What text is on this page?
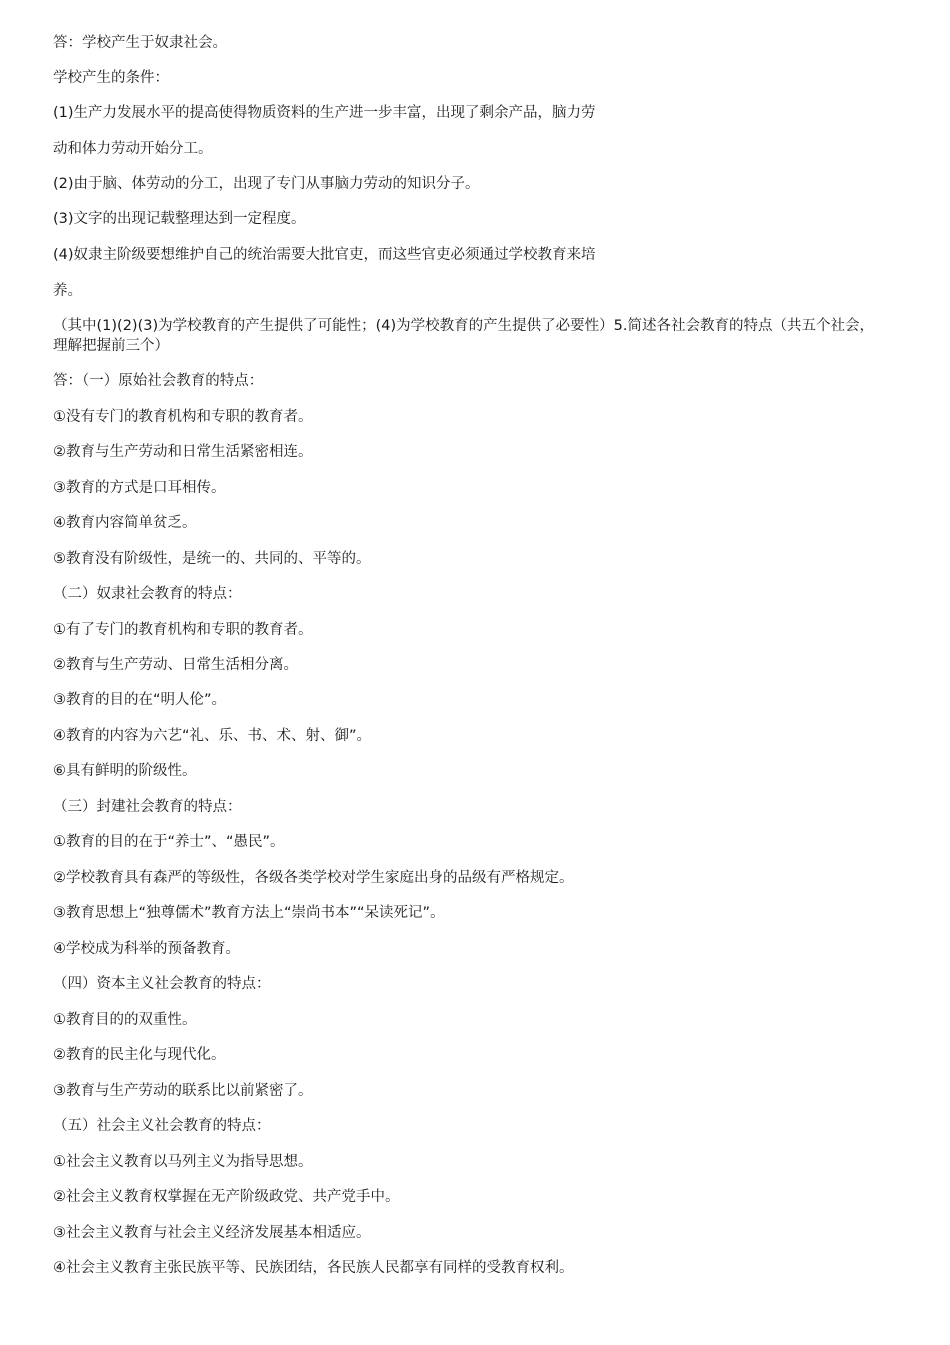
答：学校产生于奴隶社会。
学校产生的条件：
(1)生产力发展水平的提高使得物质资料的生产进一步丰富，出现了剩余产品，脑力劳
动和体力劳动开始分工。
(2)由于脑、体劳动的分工，出现了专门从事脑力劳动的知识分子。
(3)文字的出现记载整理达到一定程度。
(4)奴隶主阶级要想维护自己的统治需要大批官吏，而这些官吏必须通过学校教育来培
养。
（其中(1)(2)(3)为学校教育的产生提供了可能性；(4)为学校教育的产生提供了必要性）5.简述各社会教育的特点（共五个社会，理解把握前三个）
答：（一）原始社会教育的特点：
①没有专门的教育机构和专职的教育者。
②教育与生产劳动和日常生活紧密相连。
③教育的方式是口耳相传。
④教育内容简单贫乏。
⑤教育没有阶级性，是统一的、共同的、平等的。
（二）奴隶社会教育的特点：
①有了专门的教育机构和专职的教育者。
②教育与生产劳动、日常生活相分离。
③教育的目的在“明人伦”。
④教育的内容为六艺“礼、乐、书、术、射、御”。
⑥具有鲜明的阶级性。
（三）封建社会教育的特点：
①教育的目的在于“养士”、“愚民”。
②学校教育具有森严的等级性，各级各类学校对学生家庭出身的品级有严格规定。
③教育思想上“独尊儒术”教育方法上“崇尚书本”“呆读死记”。
④学校成为科举的预备教育。
（四）资本主义社会教育的特点：
①教育目的的双重性。
②教育的民主化与现代化。
③教育与生产劳动的联系比以前紧密了。
（五）社会主义社会教育的特点：
①社会主义教育以马列主义为指导思想。
②社会主义教育权掌握在无产阶级政党、共产党手中。
③社会主义教育与社会主义经济发展基本相适应。
④社会主义教育主张民族平等、民族团结，各民族人民都享有同样的受教育权利。
